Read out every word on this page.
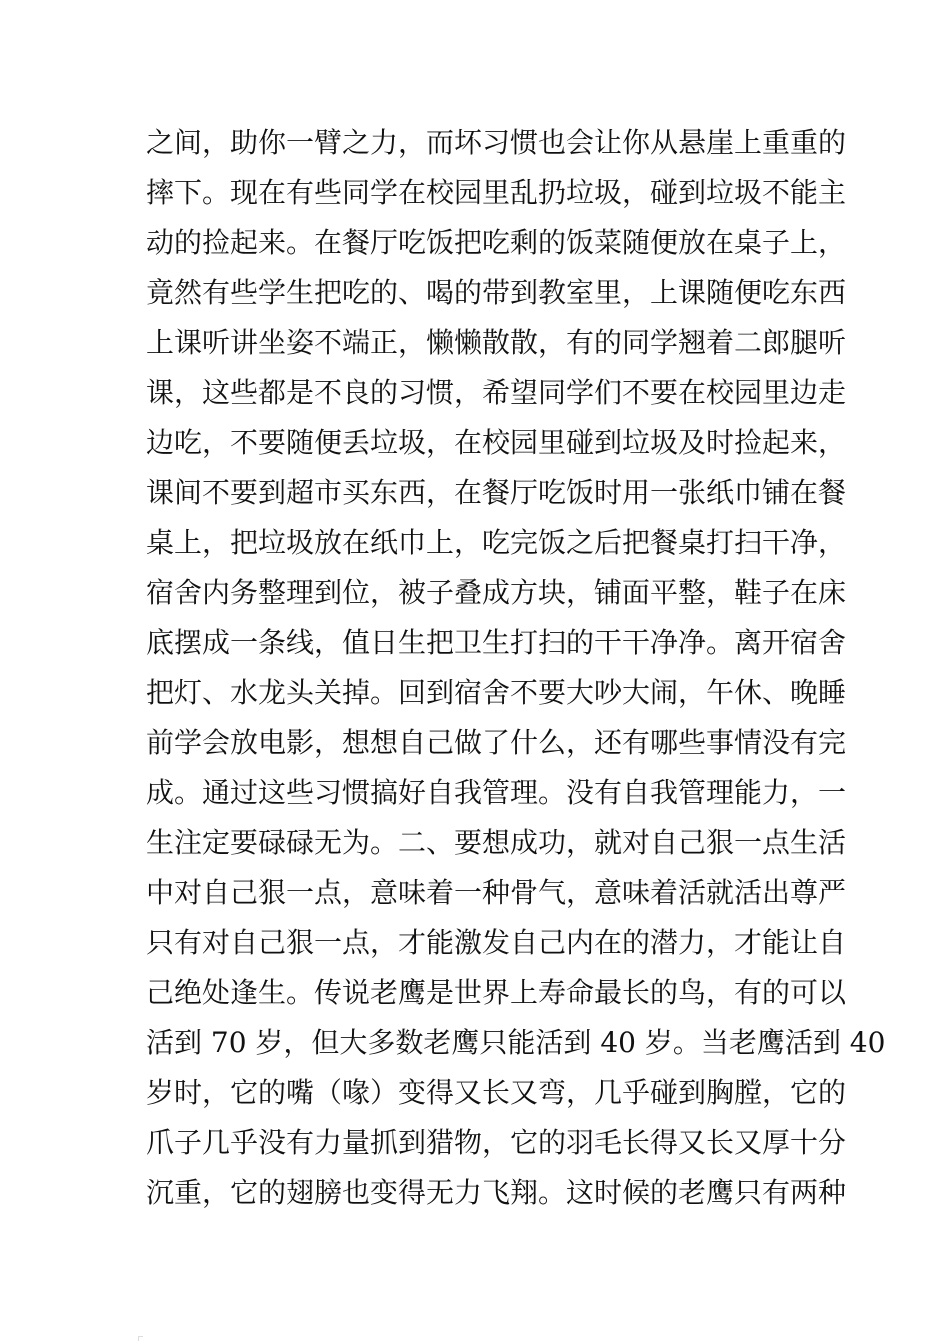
之间，助你一臂之力，而坏习惯也会让你从悬崖上重重的
摔下。现在有些同学在校园里乱扔垃圾，碰到垃圾不能主
动的捡起来。在餐厅吃饭把吃剩的饭菜随便放在桌子上，
竟然有些学生把吃的、喝的带到教室里，上课随便吃东西
上课听讲坐姿不端正，懒懒散散，有的同学翘着二郎腿听
课，这些都是不良的习惯，希望同学们不要在校园里边走
边吃，不要随便丢垃圾，在校园里碰到垃圾及时捡起来，
课间不要到超市买东西，在餐厅吃饭时用一张纸巾铺在餐
桌上，把垃圾放在纸巾上，吃完饭之后把餐桌打扫干净，
宿舍内务整理到位，被子叠成方块，铺面平整，鞋子在床
底摆成一条线，值日生把卫生打扫的干干净净。离开宿舍
把灯、水龙头关掉。回到宿舍不要大吵大闹，午休、晚睡
前学会放电影，想想自己做了什么，还有哪些事情没有完
成。通过这些习惯搞好自我管理。没有自我管理能力，一
生注定要碌碌无为。二、要想成功，就对自己狠一点生活
中对自己狠一点，意味着一种骨气，意味着活就活出尊严
只有对自己狠一点，才能激发自己内在的潜力，才能让自
己绝处逢生。传说老鹰是世界上寿命最长的鸟，有的可以
活到 70 岁，但大多数老鹰只能活到 40 岁。当老鹰活到 40
岁时，它的嘴（喙）变得又长又弯，几乎碰到胸膛，它的
爪子几乎没有力量抓到猎物，它的羽毛长得又长又厚十分
沉重，它的翅膀也变得无力飞翔。这时候的老鹰只有两种
